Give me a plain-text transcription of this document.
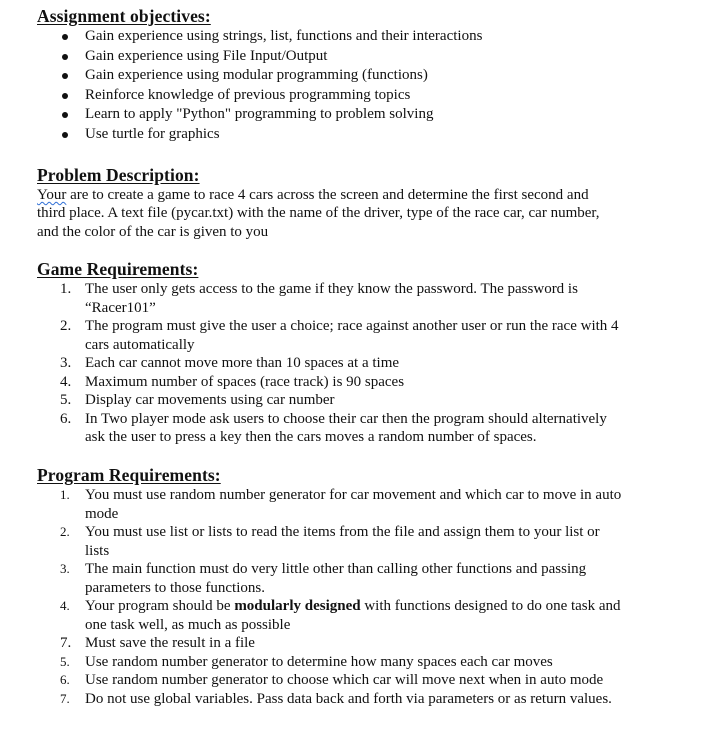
Assignment objectives:
Gain experience using strings, list, functions and their interactions
Gain experience using File Input/Output
Gain experience using modular programming (functions)
Reinforce knowledge of previous programming topics
Learn to apply "Python" programming to problem solving
Use turtle for graphics
Problem Description:
Your are to create a game to race 4 cars across the screen and determine the first second and
third place. A text file (pycar.txt) with the name of the driver, type of the race car, car number,
and the color of the car is given to you
Game Requirements:
1. The user only gets access to the game if they know the password. The password is
“Racer101”
2. The program must give the user a choice; race against another user or run the race with 4
cars automatically
3. Each car cannot move more than 10 spaces at a time
4. Maximum number of spaces (race track) is 90 spaces
5. Display car movements using car number
6. In Two player mode ask users to choose their car then the program should alternatively
ask the user to press a key then the cars moves a random number of spaces.
Program Requirements:
1. You must use random number generator for car movement and which car to move in auto
mode
2. You must use list or lists to read the items from the file and assign them to your list or
lists
3. The main function must do very little other than calling other functions and passing
parameters to those functions.
4. Your program should be modularly designed with functions designed to do one task and
one task well, as much as possible
7. Must save the result in a file
5. Use random number generator to determine how many spaces each car moves
6. Use random number generator to choose which car will move next when in auto mode
7. Do not use global variables. Pass data back and forth via parameters or as return values.
